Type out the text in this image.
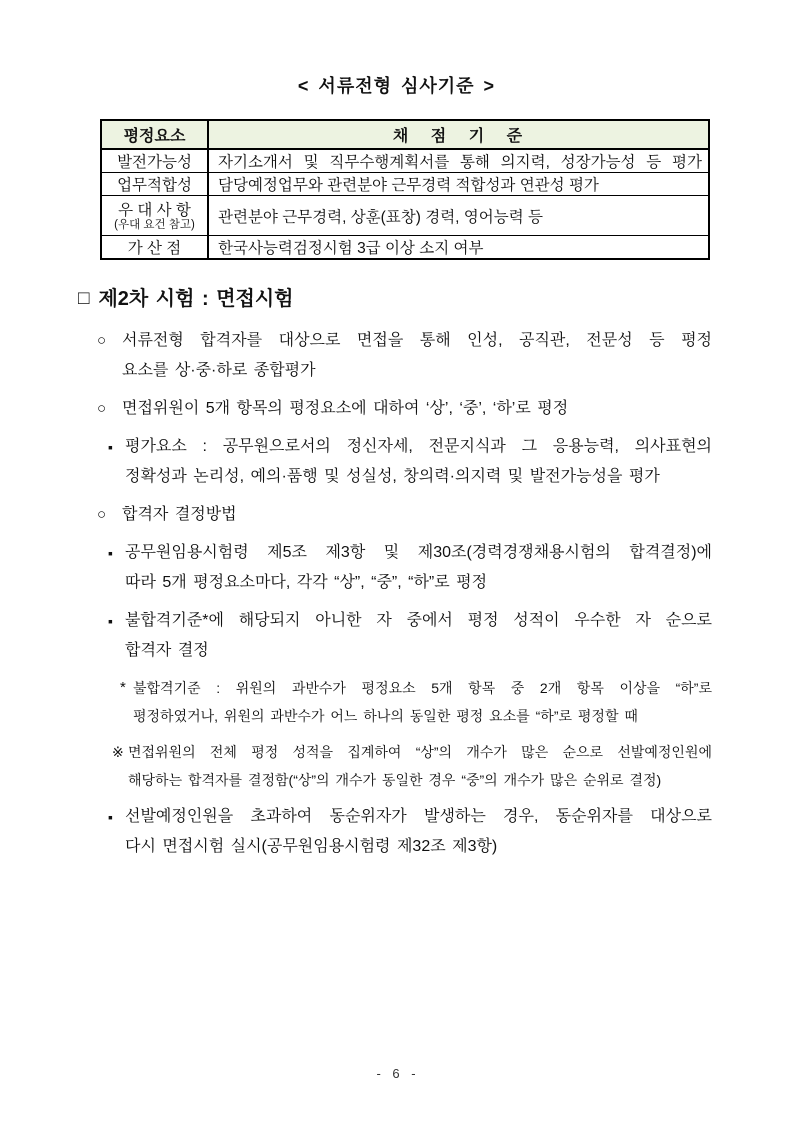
< 서류전형 심사기준 >
평정요소	채 점 기 준
발전가능성	자기소개서 및 직무수행계획서를 통해 의지력, 성장가능성 등 평가
업무적합성	담당예정업무와 관련분야 근무경력 적합성과 연관성 평가

우 대 사 항
(우대 요건 참고)	관련분야 근무경력, 상훈(표창) 경력, 영어능력 등
가 산 점	한국사능력검정시험 3급 이상 소지 여부
□ 제2차 시험 : 면접시험
○ 서류전형 합격자를 대상으로 면접을 통해 인성, 공직관, 전문성 등 평정
요소를 상·중·하로 종합평가
○ 면접위원이 5개 항목의 평정요소에 대하여 ‘상’, ‘중’, ‘하’로 평정
▪ 평가요소 : 공무원으로서의 정신자세, 전문지식과 그 응용능력, 의사표현의
정확성과 논리성, 예의·품행 및 성실성, 창의력·의지력 및 발전가능성을 평가
○ 합격자 결정방법
▪ 공무원임용시험령 제5조 제3항 및 제30조(경력경쟁채용시험의 합격결정)에
따라 5개 평정요소마다, 각각 “상”, “중”, “하”로 평정
▪ 불합격기준*에 해당되지 아니한 자 중에서 평정 성적이 우수한 자 순으로
합격자 결정
* 불합격기준 : 위원의 과반수가 평정요소 5개 항목 중 2개 항목 이상을 “하”로
평정하였거나, 위원의 과반수가 어느 하나의 동일한 평정 요소를 “하”로 평정할 때
※ 면접위원의 전체 평정 성적을 집계하여 “상”의 개수가 많은 순으로 선발예정인원에
해당하는 합격자를 결정함(“상”의 개수가 동일한 경우 “중”의 개수가 많은 순위로 결정)
▪ 선발예정인원을 초과하여 동순위자가 발생하는 경우, 동순위자를 대상으로
다시 면접시험 실시(공무원임용시험령 제32조 제3항)
- 6 -
